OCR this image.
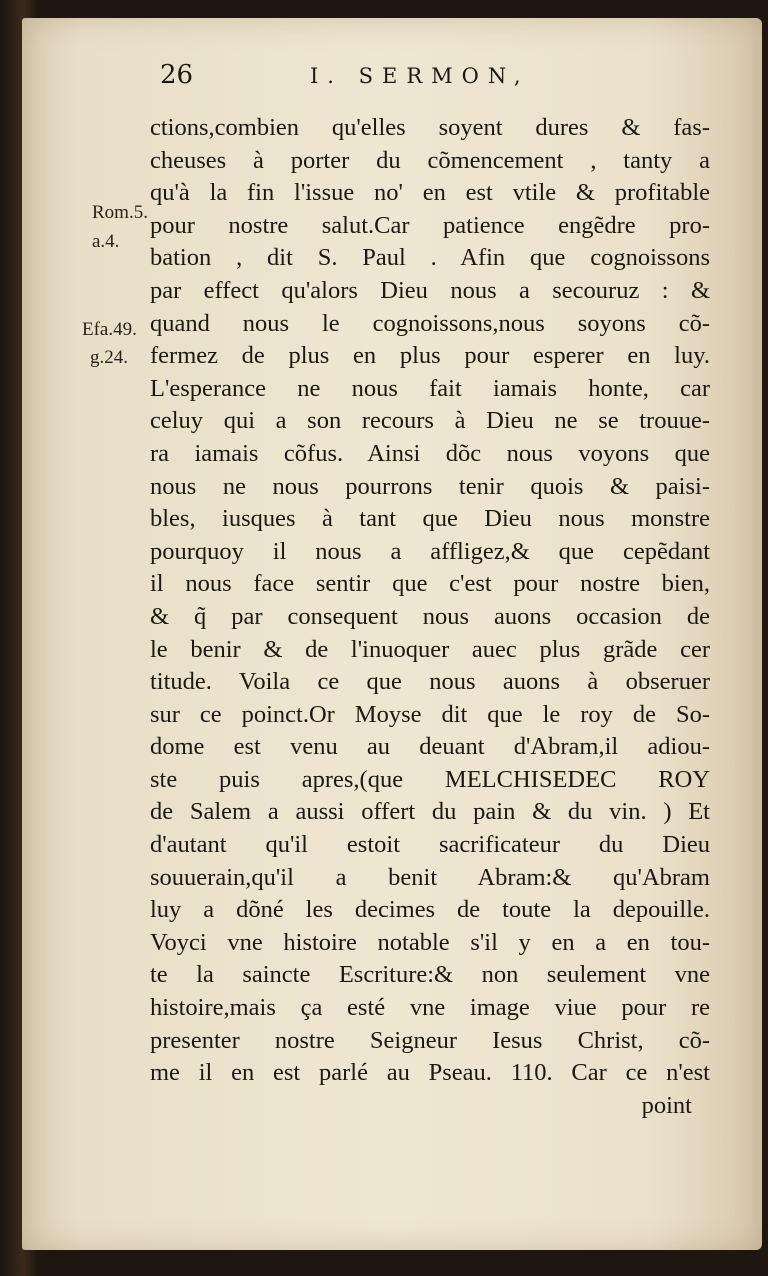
26	I. SERMON,
Rom.5.
a.4.
Efa.49.
g.24.
ctions,combien qu'elles soyent dures & fas-
cheuses à porter du cõmencement , tanty a
qu'à la fin l'issue no' en est vtile & profitable
pour nostre salut.Car patience engẽdre pro-
bation , dit S. Paul . Afin que cognoissons
par effect qu'alors Dieu nous a secouruz : &
quand nous le cognoissons,nous soyons cõ-
fermez de plus en plus pour esperer en luy.
L'esperance ne nous fait iamais honte, car
celuy qui a son recours à Dieu ne se trouue-
ra iamais cõfus. Ainsi dõc nous voyons que
nous ne nous pourrons tenir quois & paisi-
bles, iusques à tant que Dieu nous monstre
pourquoy il nous a affligez,& que cepẽdant
il nous face sentir que c'est pour nostre bien,
& q̃ par consequent nous auons occasion de
le benir & de l'inuoquer auec plus grãde cer
titude. Voila ce que nous auons à obseruer
sur ce poinct.Or Moyse dit que le roy de So-
dome est venu au deuant d'Abram,il adiou-
ste puis apres,(que MELCHISEDEC ROY
de Salem a aussi offert du pain & du vin. ) Et
d'autant qu'il estoit sacrificateur du Dieu
souuerain,qu'il a benit Abram:& qu'Abram
luy a dõné les decimes de toute la depouille.
Voyci vne histoire notable s'il y en a en tou-
te la saincte Escriture:& non seulement vne
histoire,mais ça esté vne image viue pour re
presenter nostre Seigneur Iesus Christ, cõ-
me il en est parlé au Pseau. 110. Car ce n'est
point
